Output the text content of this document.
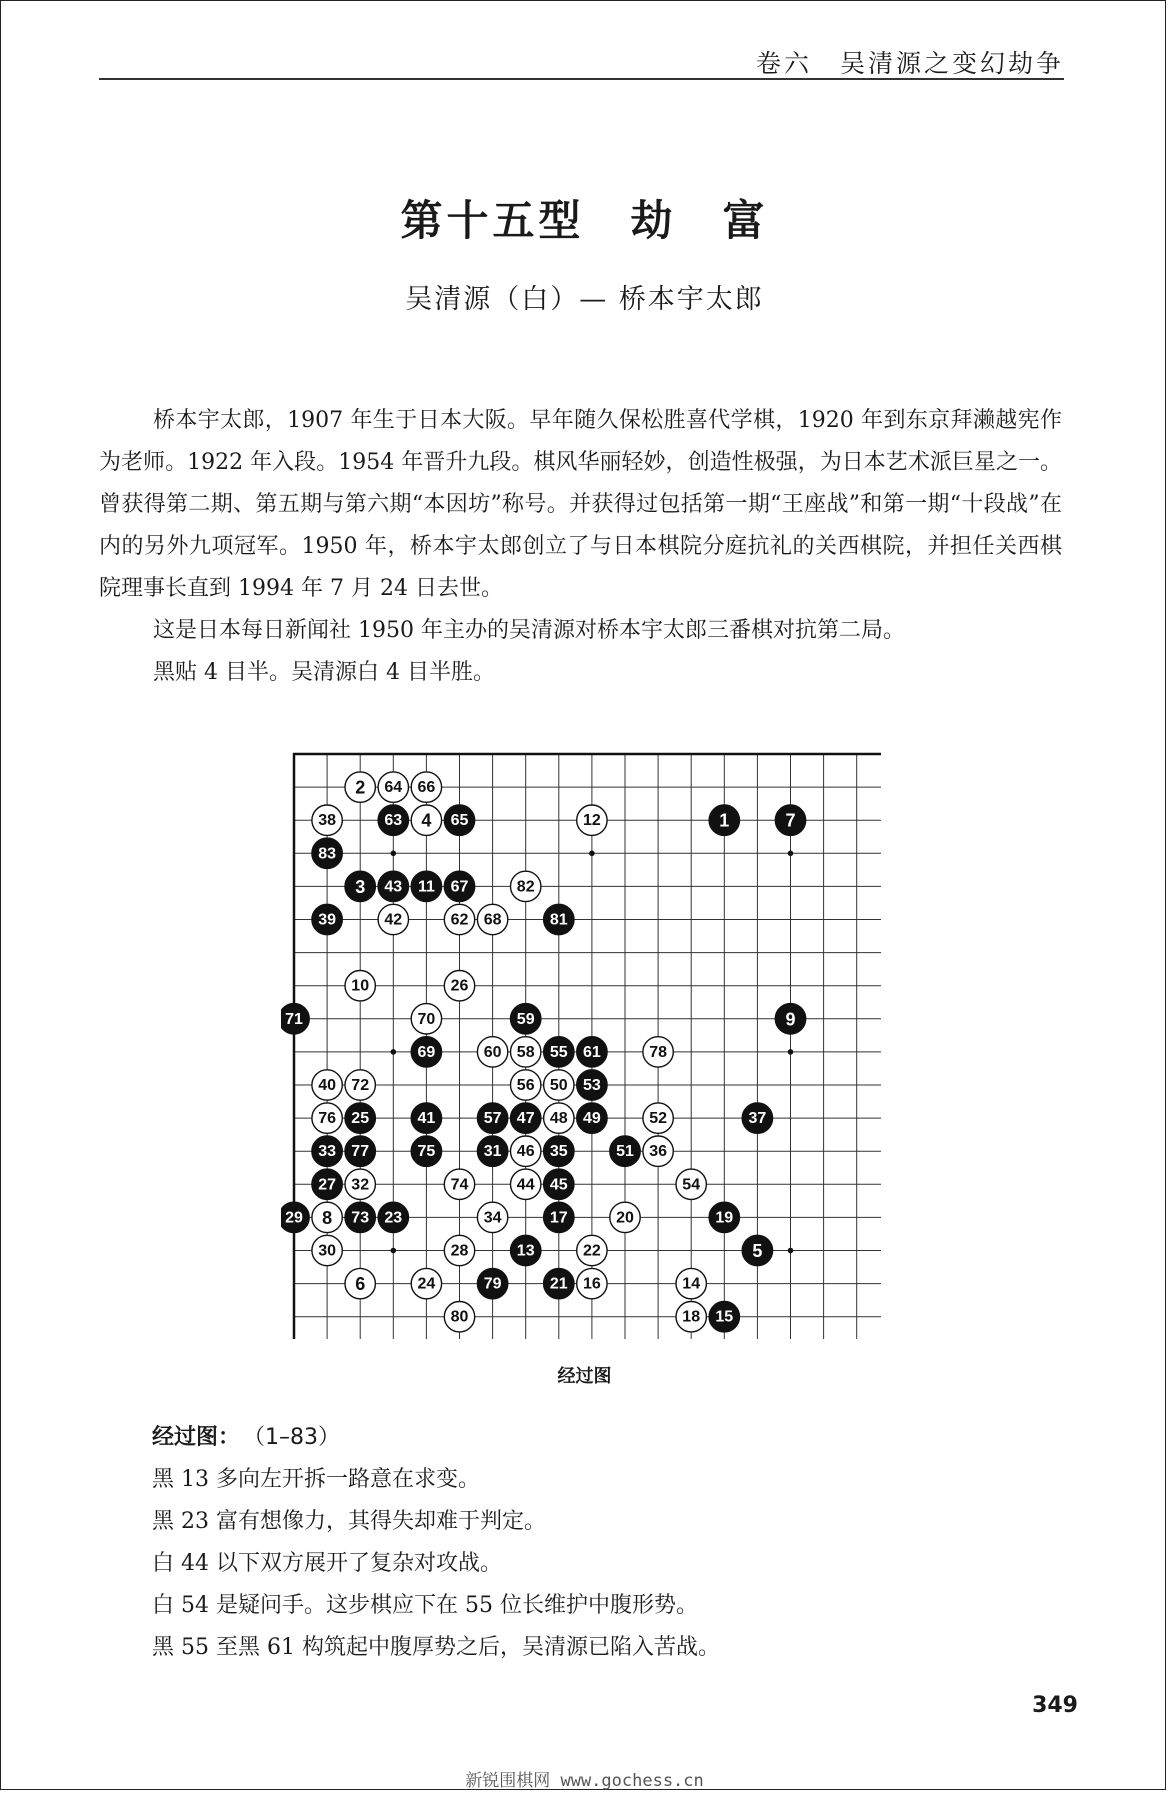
卷六　吴清源之变幻劫争
第十五型　劫　富
吴清源（白）— 桥本宇太郎

桥本宇太郎，1907 年生于日本大阪。早年随久保松胜喜代学棋，1920 年到东京拜濑越宪作为老师。1922 年入段。1954 年晋升九段。棋风华丽轻妙，创造性极强，为日本艺术派巨星之一。曾获得第二期、第五期与第六期“本因坊”称号。并获得过包括第一期“王座战”和第一期“十段战”在内的另外九项冠军。1950 年，桥本宇太郎创立了与日本棋院分庭抗礼的关西棋院，并担任关西棋院理事长直到 1994 年 7 月 24 日去世。

这是日本每日新闻社 1950 年主办的吴清源对桥本宇太郎三番棋对抗第二局。

黑贴 4 目半。吴清源白 4 目半胜。

1
2
3
4
5
6
7
8
9
10
11
12
13
14
15
16
17
18
19
20
21
22
23
24
25
26
27
28
29
30
31
32
33
34
35	36
37
38
39
40
41
42
43
44 45
46
47 48 49
50
51
52
53
54
55
56
57
58
59
60	61
62
63
64
65
66
67
68
69
70
71
72
73
74
75
76
77
78
79
80
81
82
83
经过图
经过图： （1–83）
黑 13 多向左开拆一路意在求变。
黑 23 富有想像力，其得失却难于判定。
白 44 以下双方展开了复杂对攻战。
白 54 是疑问手。这步棋应下在 55 位长维护中腹形势。
黑 55 至黑 61 构筑起中腹厚势之后，吴清源已陷入苦战。
349
新锐围棋网 www.gochess.cn
